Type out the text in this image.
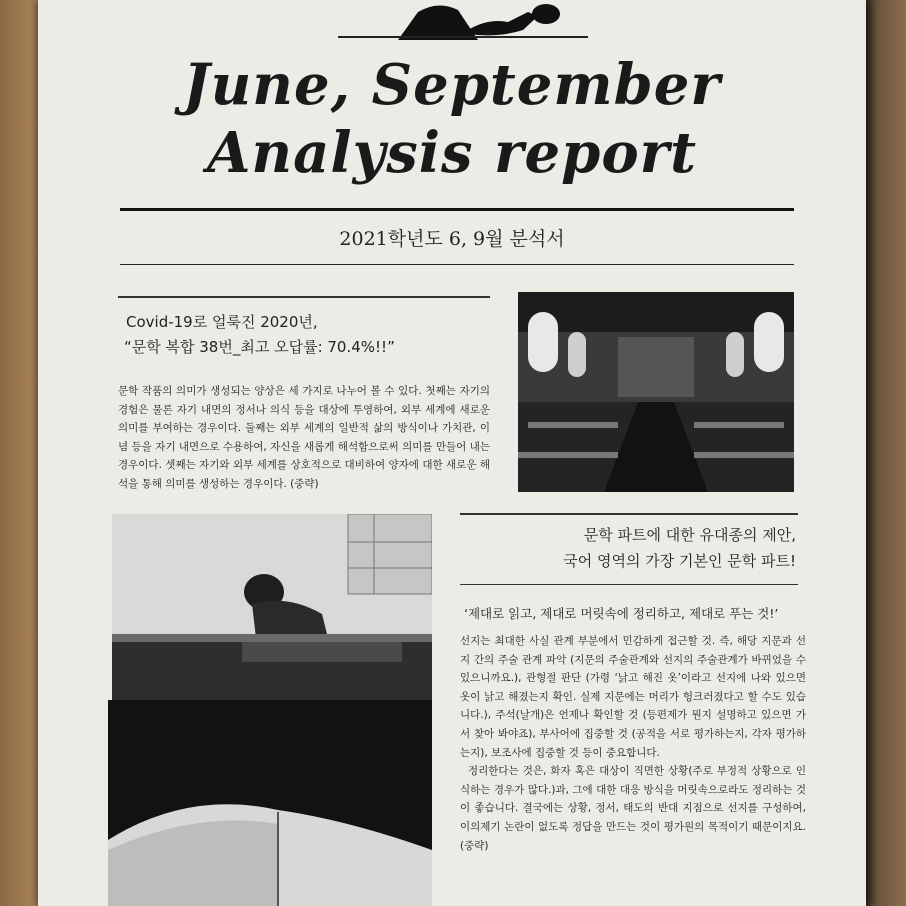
June, September
Analysis report
2021학년도 6, 9월 분석서
Covid-19로 얼룩진 2020년,
“문학 복합 38번_최고 오답률: 70.4%!!”
문학 작품의 의미가 생성되는 양상은 세 가지로 나누어 볼 수 있다. 첫째는 자기의 경험은 물론 자기 내면의 정서나 의식 등을 대상에 투영하여, 외부 세계에 새로운 의미를 부여하는 경우이다. 둘째는 외부 세계의 일반적 삶의 방식이나 가치관, 이념 등을 자기 내면으로 수용하여, 자신을 새롭게 해석함으로써 의미를 만들어 내는 경우이다. 셋째는 자기와 외부 세계를 상호적으로 대비하여 양자에 대한 새로운 해석을 통해 의미를 생성하는 경우이다. (중략)
문학 파트에 대한 유대종의 제안,
국어 영역의 가장 기본인 문학 파트!
‘제대로 읽고, 제대로 머릿속에 정리하고, 제대로 푸는 것!’
선지는 최대한 사실 관계 부분에서 민감하게 접근할 것. 즉, 해당 지문과 선지 간의 주술 관계 파악 (지문의 주술관계와 선지의 주술관계가 바뀌었을 수 있으니까요.), 관형절 판단 (가령 ‘낡고 해진 옷’이라고 선지에 나와 있으면 옷이 낡고 해졌는지 확인. 실제 지문에는 머리가 헝크러졌다고 할 수도 있습니다.), 주석(날개)은 언제나 확인할 것 (등편제가 뭔지 설명하고 있으면 가서 찾아 봐야죠), 부사어에 집중할 것 (공적을 서로 평가하는지, 각자 평가하는지), 보조사에 집중할 것 등이 중요합니다.
정리한다는 것은, 화자 혹은 대상이 직면한 상황(주로 부정적 상황으로 인식하는 경우가 많다.)과, 그에 대한 대응 방식을 머릿속으로라도 정리하는 것이 좋습니다. 결국에는 상황, 정서, 태도의 반대 지점으로 선지를 구성하여, 이의제기 논란이 없도록 정답을 만드는 것이 평가원의 목적이기 때문이지요. (중략)
